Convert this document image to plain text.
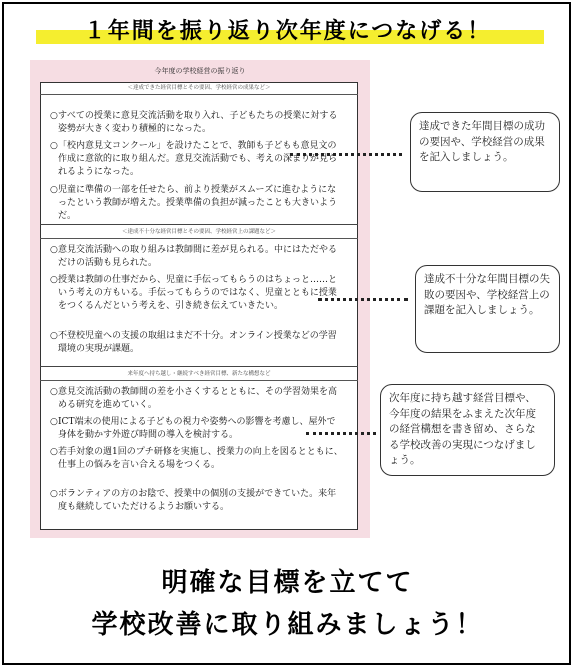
１年間を振り返り次年度につなげる！
今年度の学校経営の振り返り
＜達成できた経営目標とその要因、学校経営の成果など＞
○ すべての授業に意見交流活動を取り入れ、子どもたちの授業に対する姿勢が大きく変わり積極的になった。
○ 「校内意見文コンクール」を設けたことで、教師も子どもも意見文の作成に意欲的に取り組んだ。意見交流活動でも、考えの深まりが見られるようになった。
○ 児童に準備の一部を任せたら、前より授業がスムーズに進むようになったという教師が増えた。授業準備の負担が減ったことも大きいようだ。
＜達成不十分な経営目標とその要因、学校経営上の課題など＞
○ 意見交流活動への取り組みは教師間に差が見られる。中にはただやるだけの活動も見られた。
○ 授業は教師の仕事だから、児童に手伝ってもらうのはちょっと……という考えの方もいる。手伝ってもらうのではなく、児童とともに授業をつくるんだという考えを、引き続き伝えていきたい。
○ 不登校児童への支援の取組はまだ不十分。オンライン授業などの学習環境の実現が課題。
来年度へ持ち越し・継続すべき経営目標、新たな構想など
○ 意見交流活動の教師間の差を小さくするとともに、その学習効果を高める研究を進めていく。
○ ICT端末の使用による子どもの視力や姿勢への影響を考慮し、屋外で身体を動かす外遊び時間の導入を検討する。
○ 若手対象の週1回のプチ研修を実施し、授業力の向上を図るとともに、仕事上の悩みを言い合える場をつくる。
○ ボランティアの方のお陰で、授業中の個別の支援ができていた。来年度も継続していただけるようお願いする。
達成できた年間目標の成功の要因や、学校経営の成果を記入しましょう。
達成不十分な年間目標の失敗の要因や、学校経営上の課題を記入しましょう。
次年度に持ち越す経営目標や、今年度の結果をふまえた次年度の経営構想を書き留め、さらなる学校改善の実現につなげましょう。
明確な目標を立てて
学校改善に取り組みましょう！
